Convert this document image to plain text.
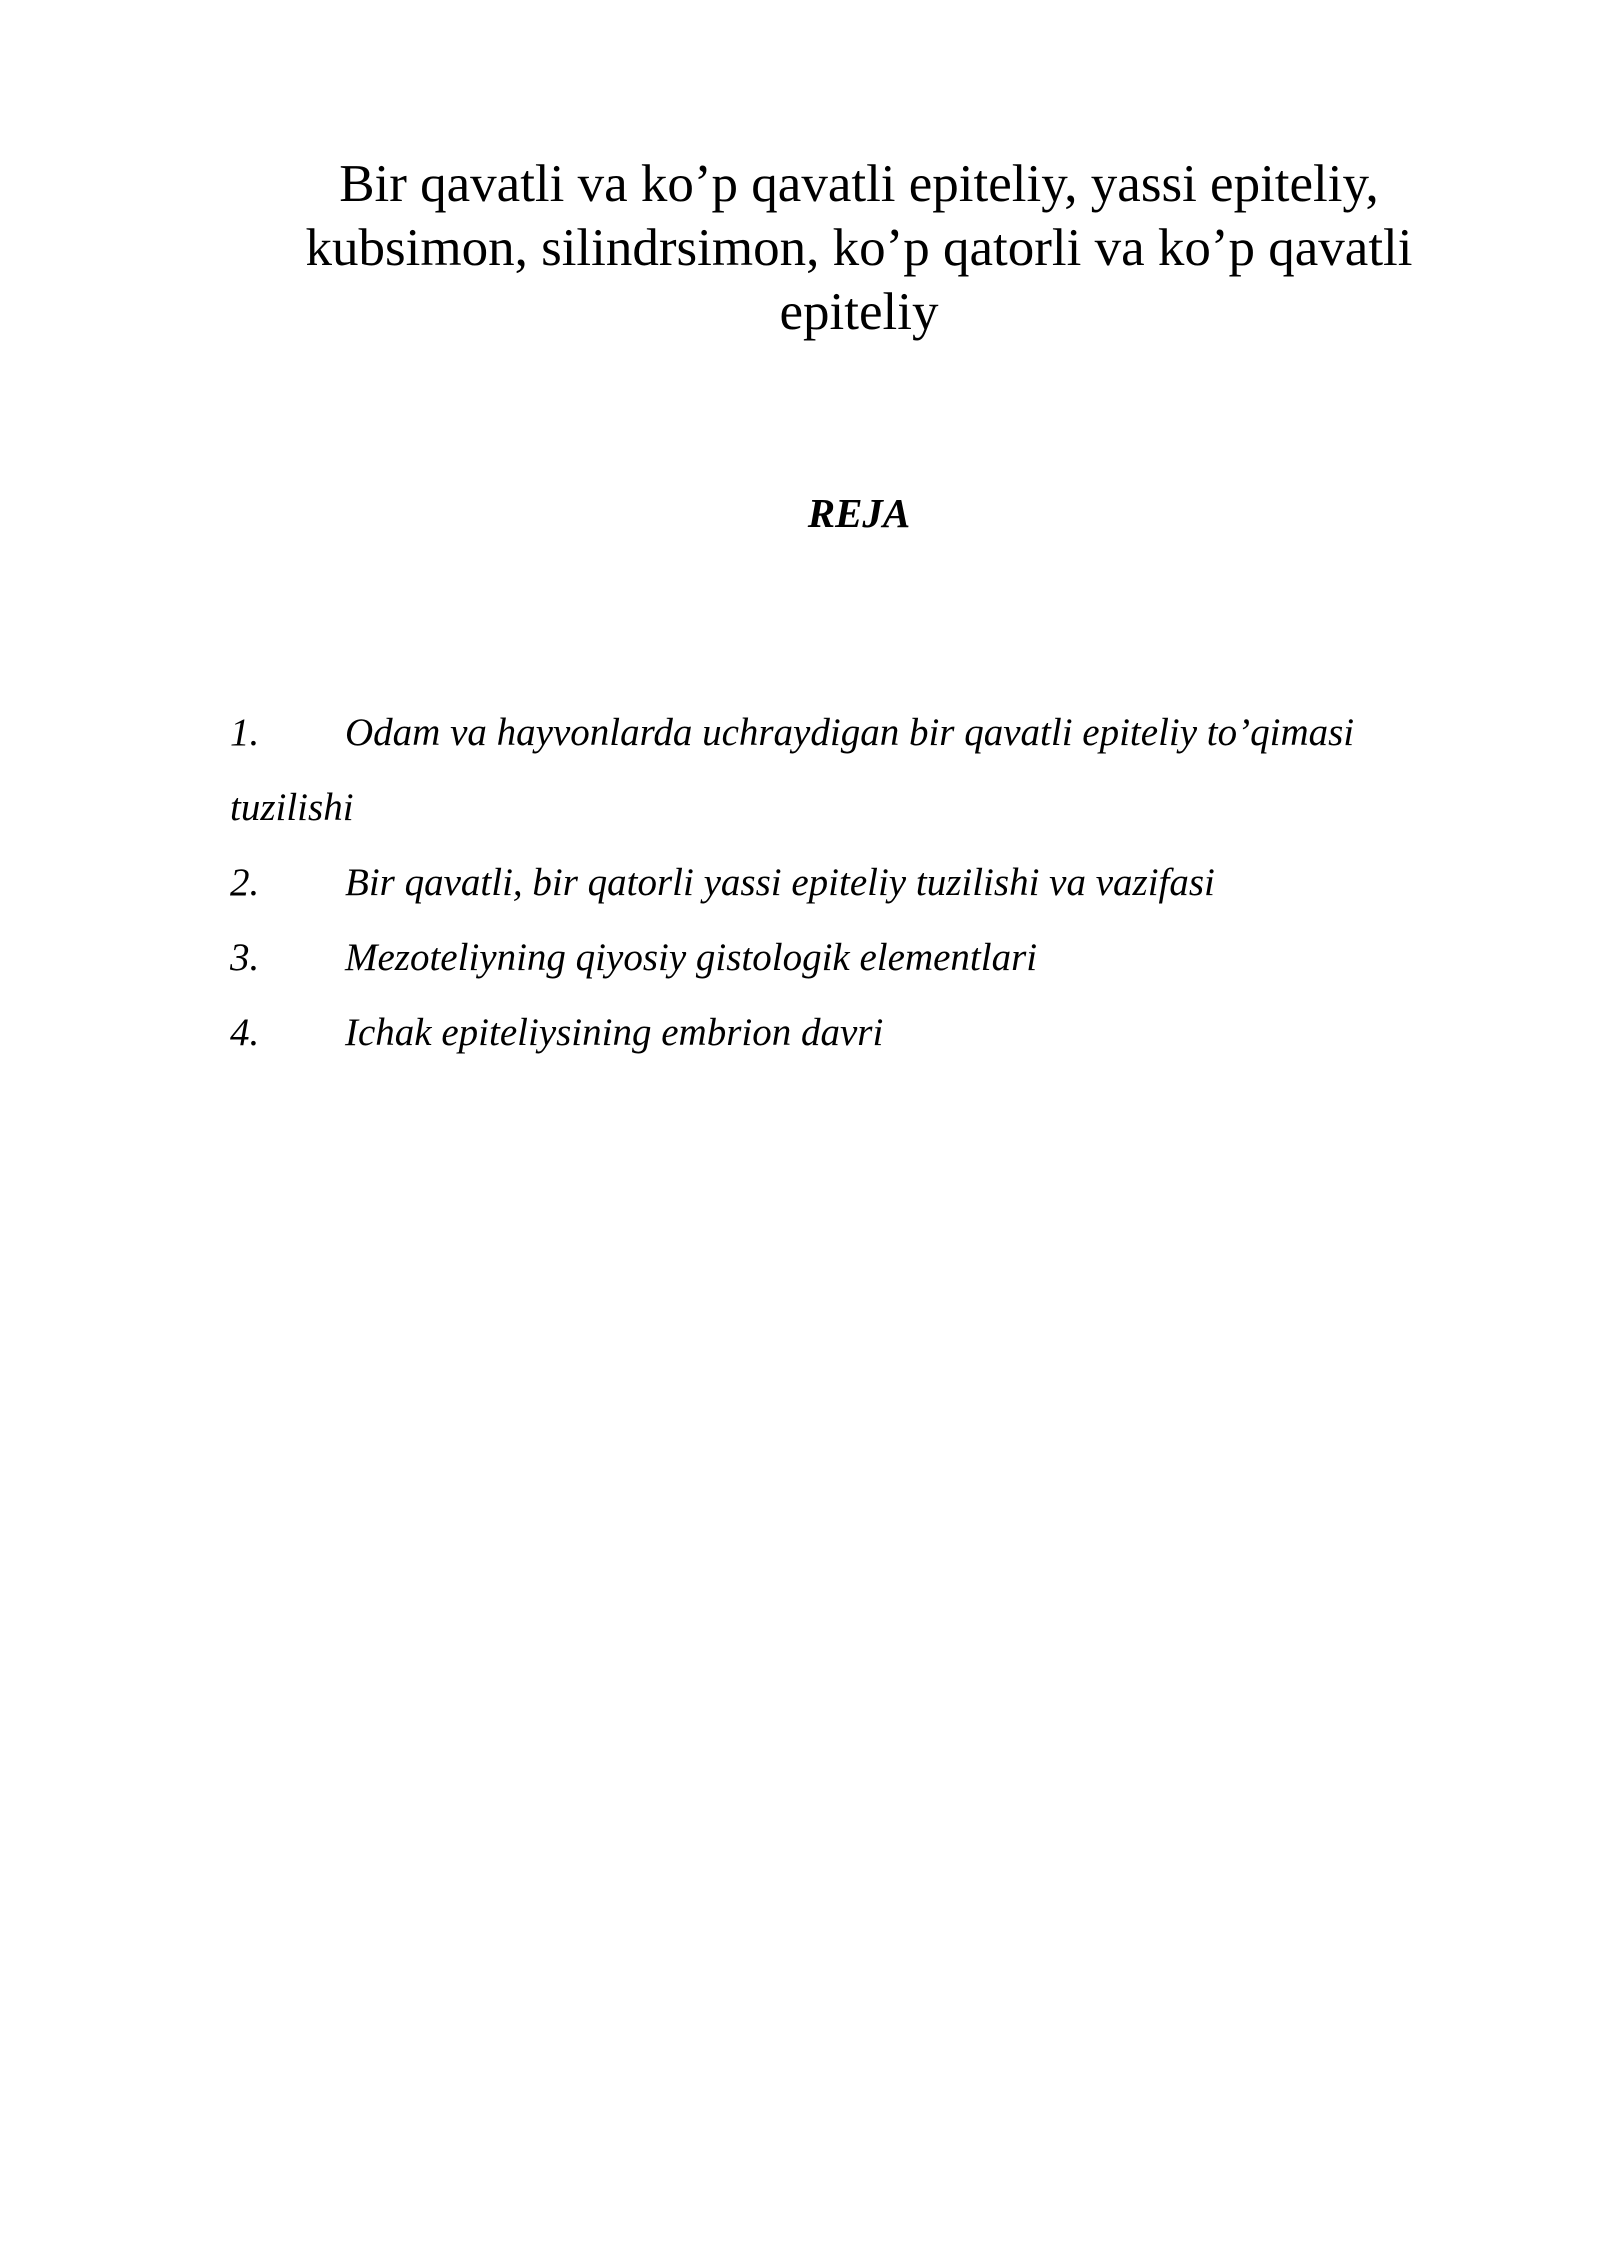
Bir qavatli va ko’p qavatli epiteliy, yassi epiteliy,
kubsimon, silindrsimon, ko’p qatorli va ko’p qavatli
epiteliy
REJA
1. Odam va hayvonlarda uchraydigan bir qavatli epiteliy to’qimasi
tuzilishi
2. Bir qavatli, bir qatorli yassi epiteliy tuzilishi va vazifasi
3. Mezoteliyning qiyosiy gistologik elementlari
4. Ichak epiteliysining embrion davri
